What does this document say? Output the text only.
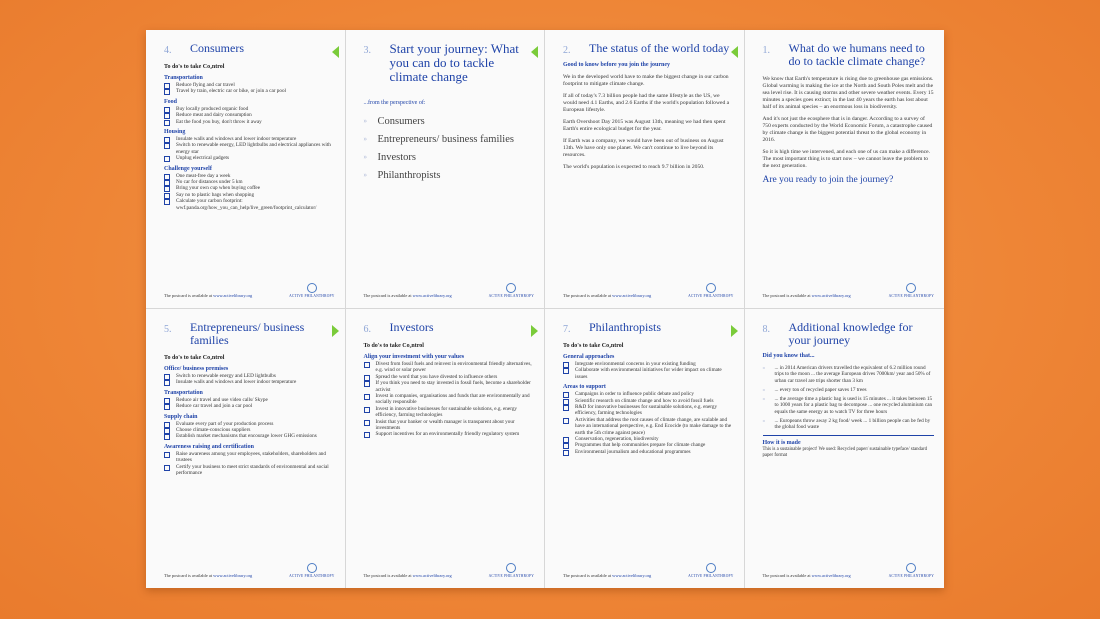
4.	Consumers
To do's to take Co₂ntrol
Transportation
Reduce flying and car travel
Travel by train, electric car or bike, or join a car pool
Food
Buy locally produced organic food
Reduce meat and dairy consumption
Eat the food you buy, don't throw it away
Housing
Insulate walls and windows and lower indoor temperature
Switch to renewable energy, LED lightbulbs and electrical appliances with energy star
Unplug electrical gadgets
Challenge yourself
One meat-free day a week
No car for distances under 5 km
Bring your own cup when buying coffee
Say no to plastic bags when shopping
Calculate your carbon footprint: wwf.panda.org/how_you_can_help/live_green/footprint_calculator/
The postcard is available at www.activelibrary.org	ACTIVE PHILANTHROPY
3.	Start your journey: What you can do to tackle climate change
...from the perspective of:
» Consumers
» Entrepreneurs/ business families
» Investors
» Philanthropists
The postcard is available at www.activelibrary.org	ACTIVE PHILANTHROPY
2.	The status of the world today
Good to know before you join the journey
We in the developed world have to make the biggest change in our carbon footprint to mitigate climate change.
If all of today's 7.3 billion people had the same lifestyle as the US, we would need 4.1 Earths, and 2.6 Earths if the world's population followed a European lifestyle.
Earth Overshoot Day 2015 was August 13th, meaning we had then spent Earth's entire ecological budget for the year.
If Earth was a company, we would have been out of business on August 13th. We have only one planet. We can't continue to live beyond its resources.
The world's population is expected to reach 9.7 billion in 2050.
The postcard is available at www.activelibrary.org	ACTIVE PHILANTHROPY
1.	What do we humans need to do to tackle climate change?
We know that Earth's temperature is rising due to greenhouse gas emissions. Global warming is making the ice at the North and South Poles melt and the sea level rise. It is causing storms and other severe weather events. Every 15 minutes a species goes extinct; in the last 40 years the earth has lost about half of its animal species – an enormous loss in biodiversity.
And it's not just the ecosphere that is in danger. According to a survey of 750 experts conducted by the World Economic Forum, a catastrophe caused by climate change is the biggest potential threat to the global economy in 2016.
So it is high time we intervened, and each one of us can make a difference. The most important thing is to start now – we cannot leave the problem to the next generation.
Are you ready to join the journey?
The postcard is available at www.activelibrary.org	ACTIVE PHILANTHROPY
5.	Entrepreneurs/ business families
To do's to take Co₂ntrol
Office/ business premises
Switch to renewable energy and LED lightbulbs
Insulate walls and windows and lower indoor temperature
Transportation
Reduce air travel and use video calls/ Skype
Reduce car travel and join a car pool
Supply chain
Evaluate every part of your production process
Choose climate-conscious suppliers
Establish market mechanisms that encourage lower GHG emissions
Awareness raising and certification
Raise awareness among your employees, stakeholders, shareholders and trustees
Certify your business to meet strict standards of environmental and social performance
The postcard is available at www.activelibrary.org	ACTIVE PHILANTHROPY
6.	Investors
To do's to take Co₂ntrol
Align your investment with your values
Divest from fossil fuels and reinvest in environmental friendly alternatives, e.g. wind or solar power
Spread the word that you have divested to influence others
If you think you need to stay invested in fossil fuels, become a shareholder activist
Invest in companies, organisations and funds that are environmentally and socially responsible
Invest in innovative businesses for sustainable solutions, e.g. energy efficiency, farming technologies
Insist that your banker or wealth manager is transparent about your investments
Support incentives for an environmentally friendly regulatory system
The postcard is available at www.activelibrary.org	ACTIVE PHILANTHROPY
7.	Philanthropists
To do's to take Co₂ntrol
General approaches
Integrate environmental concerns in your existing funding
Collaborate with environmental initiatives for wider impact on climate issues
Areas to support
Campaigns in order to influence public debate and policy
Scientific research on climate change and how to avoid fossil fuels
R&D for innovative businesses for sustainable solutions, e.g. energy efficiency, farming technologies
Activities that address the root causes of climate change, are scalable and have an international perspective, e.g. End Ecocide (to make damage to the earth the 5th crime against peace)
Conservation, regeneration, biodiversity
Programmes that help communities prepare for climate change
Environmental journalism and educational programmes
The postcard is available at www.activelibrary.org	ACTIVE PHILANTHROPY
8.	Additional knowledge for your journey
Did you know that...
» ... in 2014 American drivers travelled the equivalent of 6.2 million round trips to the moon ... the average European drives 7000km/ year and 50% of urban car travel are trips shorter than 3 km
» ... every ton of recycled paper saves 17 trees
» ... the average time a plastic bag is used is 15 minutes ... it takes between 15 to 1000 years for a plastic bag to decompose ... one recycled aluminium can equals the same energy as to watch TV for three hours
» ... Europeans throw away 2 kg food/ week ... 1 billion people can be fed by the global food waste
How it is made
This is a sustainable project! We used: Recycled paper/ sustainable typeface/ standard paper format
The postcard is available at www.activelibrary.org	ACTIVE PHILANTHROPY
